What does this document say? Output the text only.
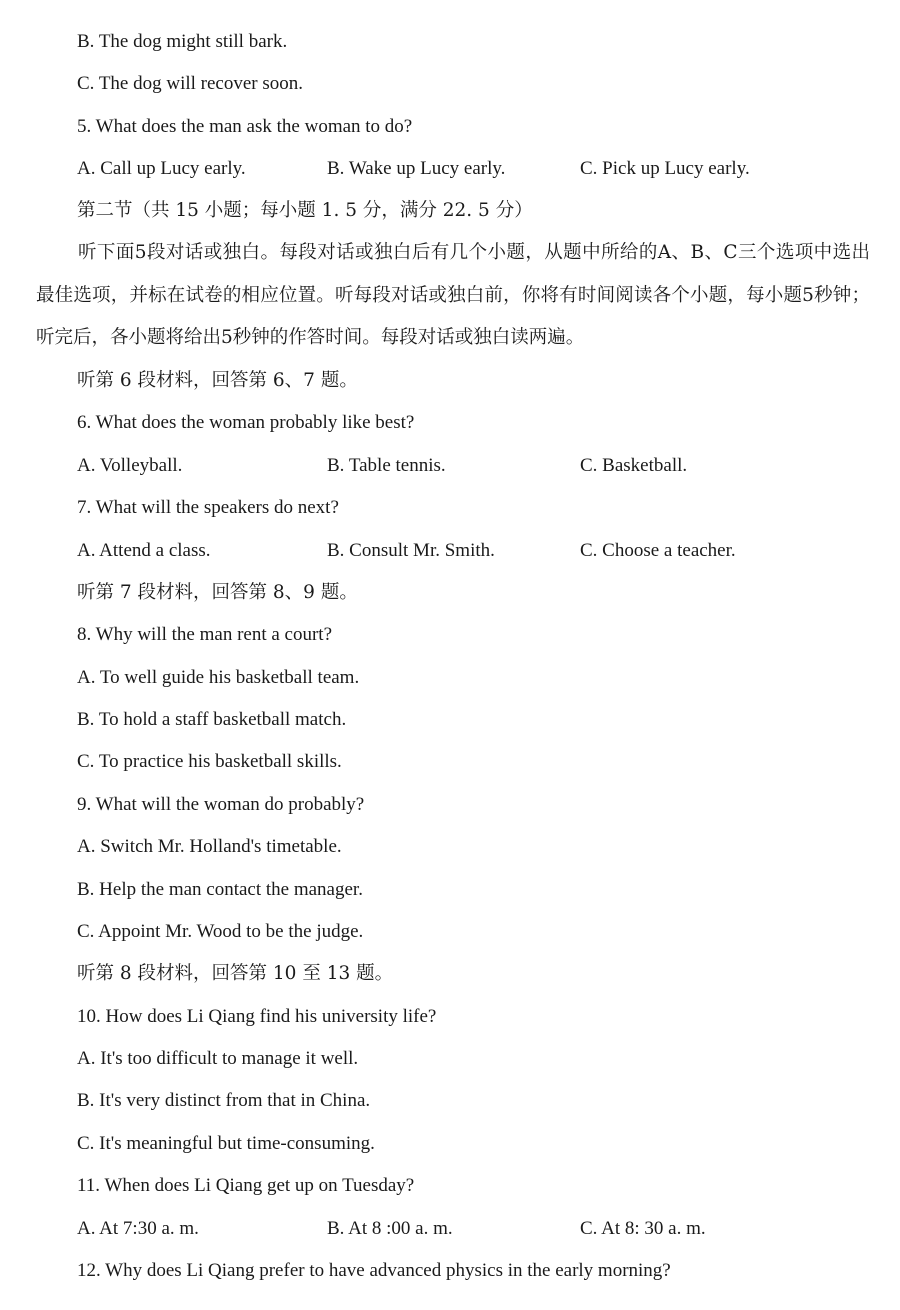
B. The dog might still bark.
C. The dog will recover soon.
5. What does the man ask the woman to do?
A. Call up Lucy early.	B. Wake up Lucy early.	C. Pick up Lucy early.
第二节（共 15 小题；每小题 1. 5 分，满分 22. 5 分）

听下面5段对话或独白。每段对话或独白后有几个小题，从题中所给的A、B、C三个选项中选出最佳选项，并标在试卷的相应位置。听每段对话或独白前，你将有时间阅读各个小题，每小题5秒钟；听完后，各小题将给出5秒钟的作答时间。每段对话或独白读两遍。

听第 6 段材料，回答第 6、7 题。
6. What does the woman probably like best?
A. Volleyball.	B. Table tennis.	C. Basketball.
7. What will the speakers do next?
A. Attend a class.	B. Consult Mr. Smith.	C. Choose a teacher.
听第 7 段材料，回答第 8、9 题。
8. Why will the man rent a court?
A. To well guide his basketball team.
B. To hold a staff basketball match.
C. To practice his basketball skills.
9. What will the woman do probably?
A. Switch Mr. Holland's timetable.
B. Help the man contact the manager.
C. Appoint Mr. Wood to be the judge.
听第 8 段材料，回答第 10 至 13 题。
10. How does Li Qiang find his university life?
A. It's too difficult to manage it well.
B. It's very distinct from that in China.
C. It's meaningful but time-consuming.
11. When does Li Qiang get up on Tuesday?
A. At 7:30 a. m.	B. At 8 :00 a. m.	C. At 8: 30 a. m.
12. Why does Li Qiang prefer to have advanced physics in the early morning?
